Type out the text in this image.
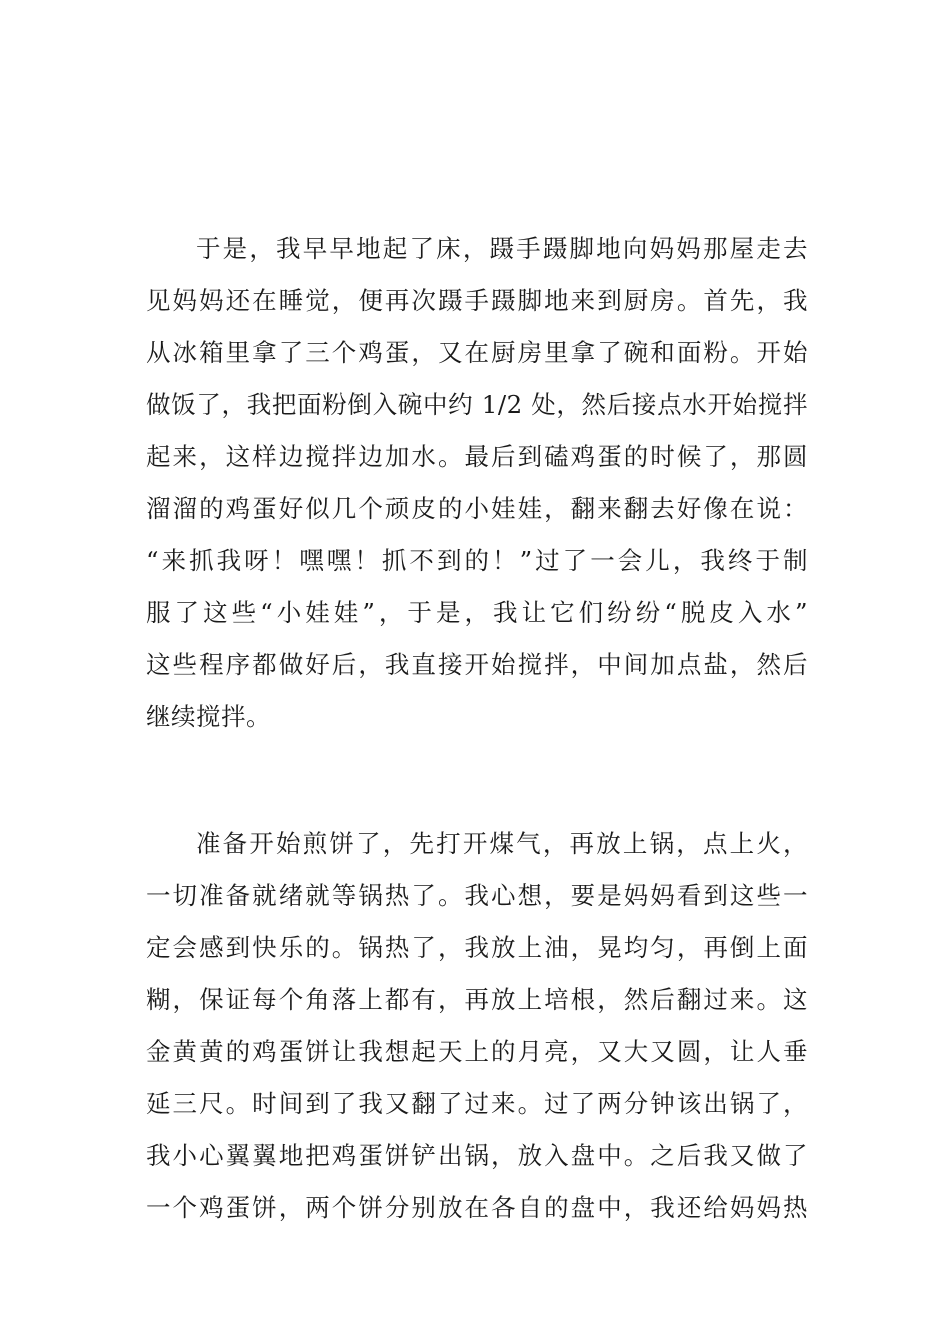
于是，我早早地起了床，蹑手蹑脚地向妈妈那屋走去
见妈妈还在睡觉，便再次蹑手蹑脚地来到厨房。首先，我
从冰箱里拿了三个鸡蛋，又在厨房里拿了碗和面粉。开始
做饭了，我把面粉倒入碗中约 1/2 处，然后接点水开始搅拌
起来，这样边搅拌边加水。最后到磕鸡蛋的时候了，那圆
溜溜的鸡蛋好似几个顽皮的小娃娃，翻来翻去好像在说：
“来抓我呀！嘿嘿！抓不到的！”过了一会儿，我终于制
服了这些“小娃娃”，于是，我让它们纷纷“脱皮入水”
这些程序都做好后，我直接开始搅拌，中间加点盐，然后
继续搅拌。
准备开始煎饼了，先打开煤气，再放上锅，点上火，
一切准备就绪就等锅热了。我心想，要是妈妈看到这些一
定会感到快乐的。锅热了，我放上油，晃均匀，再倒上面
糊，保证每个角落上都有，再放上培根，然后翻过来。这
金黄黄的鸡蛋饼让我想起天上的月亮，又大又圆，让人垂
延三尺。时间到了我又翻了过来。过了两分钟该出锅了，
我小心翼翼地把鸡蛋饼铲出锅，放入盘中。之后我又做了
一个鸡蛋饼，两个饼分别放在各自的盘中，我还给妈妈热
